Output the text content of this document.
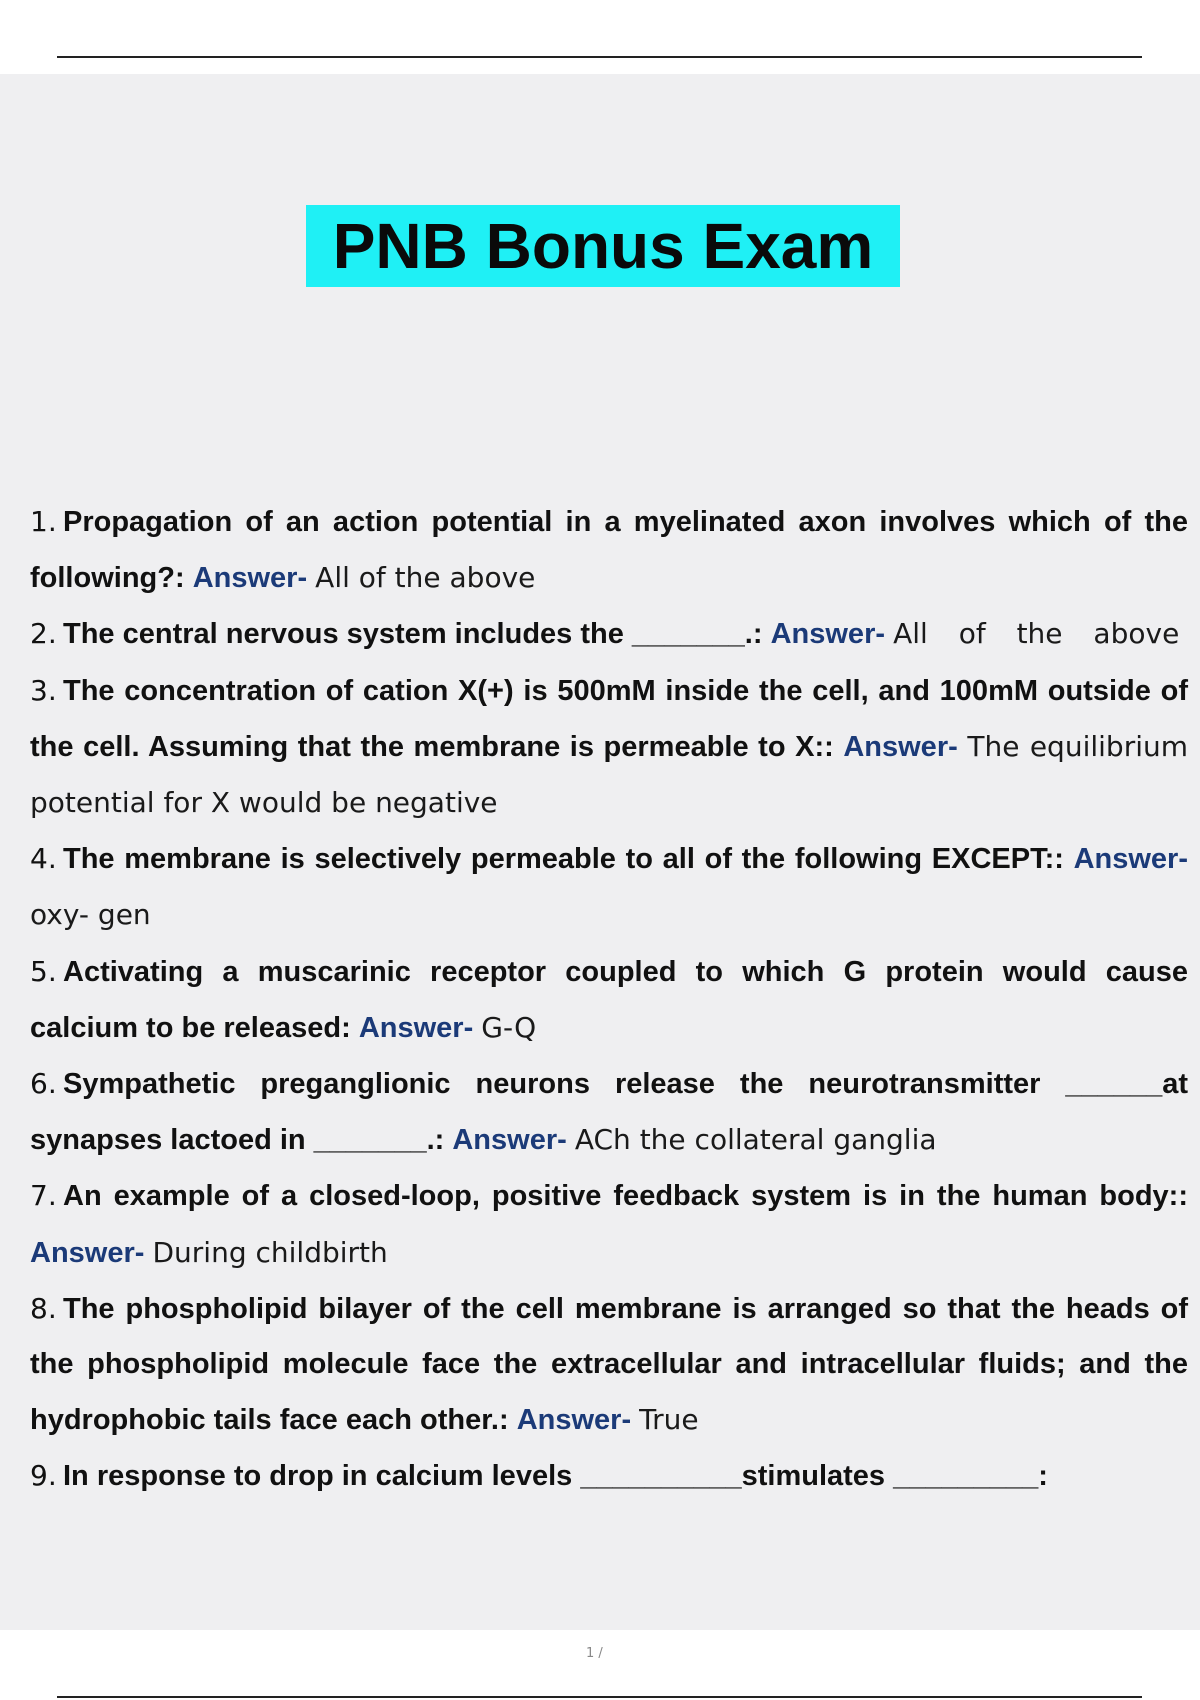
PNB Bonus Exam
1. Propagation of an action potential in a myelinated axon involves which of the following?: Answer- All of the above
2. The central nervous system includes the _______.: Answer- All of the above
3. The concentration of cation X(+) is 500mM inside the cell, and 100mM outside of the cell. Assuming that the membrane is permeable to X:: Answer- The equilibrium potential for X would be negative
4. The membrane is selectively permeable to all of the following EXCEPT:: Answer- oxy- gen
5. Activating a muscarinic receptor coupled to which G protein would cause calcium to be released: Answer- G-Q
6. Sympathetic preganglionic neurons release the neurotransmitter ______at synapses lactoed in _______.: Answer- ACh the collateral ganglia
7. An example of a closed-loop, positive feedback system is in the human body:: Answer- During childbirth
8. The phospholipid bilayer of the cell membrane is arranged so that the heads of the phospholipid molecule face the extracellular and intracellular fluids; and the hydrophobic tails face each other.: Answer- True
9. In response to drop in calcium levels __________stimulates _________:
1 /
